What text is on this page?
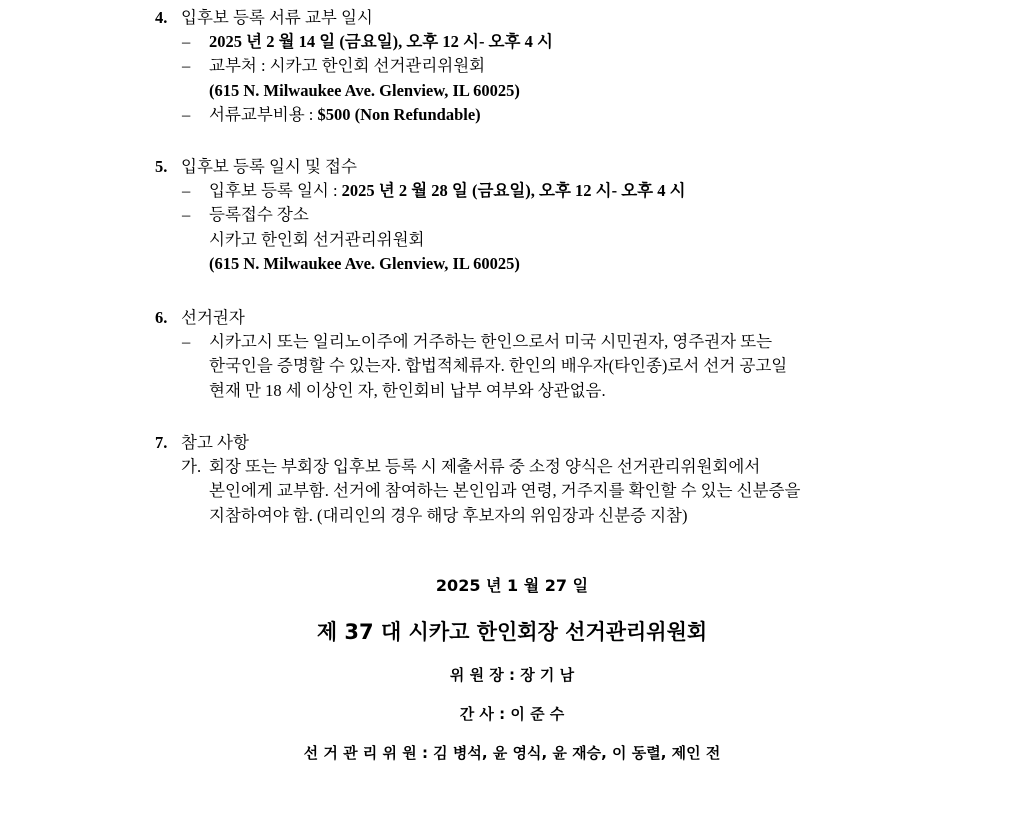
4. 입후보 등록 서류 교부 일시
– 2025 년 2 월 14 일 (금요일), 오후 12 시- 오후 4 시
– 교부처 : 시카고 한인회 선거관리위원회
(615 N. Milwaukee Ave. Glenview, IL 60025)
– 서류교부비용 : $500 (Non Refundable)
5. 입후보 등록 일시 및 접수
– 입후보 등록 일시 : 2025 년 2 월 28 일 (금요일), 오후 12 시- 오후 4 시
– 등록접수 장소
시카고 한인회 선거관리위원회
(615 N. Milwaukee Ave. Glenview, IL 60025)
6. 선거권자
– 시카고시 또는 일리노이주에 거주하는 한인으로서 미국 시민권자, 영주권자 또는
한국인을 증명할 수 있는자. 합법적체류자. 한인의 배우자(타인종)로서 선거 공고일
현재 만 18 세 이상인 자, 한인회비 납부 여부와 상관없음.
7. 참고 사항
가. 회장 또는 부회장 입후보 등록 시 제출서류 중 소정 양식은 선거관리위원회에서
본인에게 교부함. 선거에 참여하는 본인임과 연령, 거주지를 확인할 수 있는 신분증을
지참하여야 함. (대리인의 경우 해당 후보자의 위임장과 신분증 지참)
2025 년 1 월 27 일
제 37 대 시카고 한인회장 선거관리위원회
위 원 장 : 장 기 남
간 사 : 이 준 수
선 거 관 리 위 원 : 김 병석, 윤 영식, 윤 재승, 이 동렬, 제인 전
